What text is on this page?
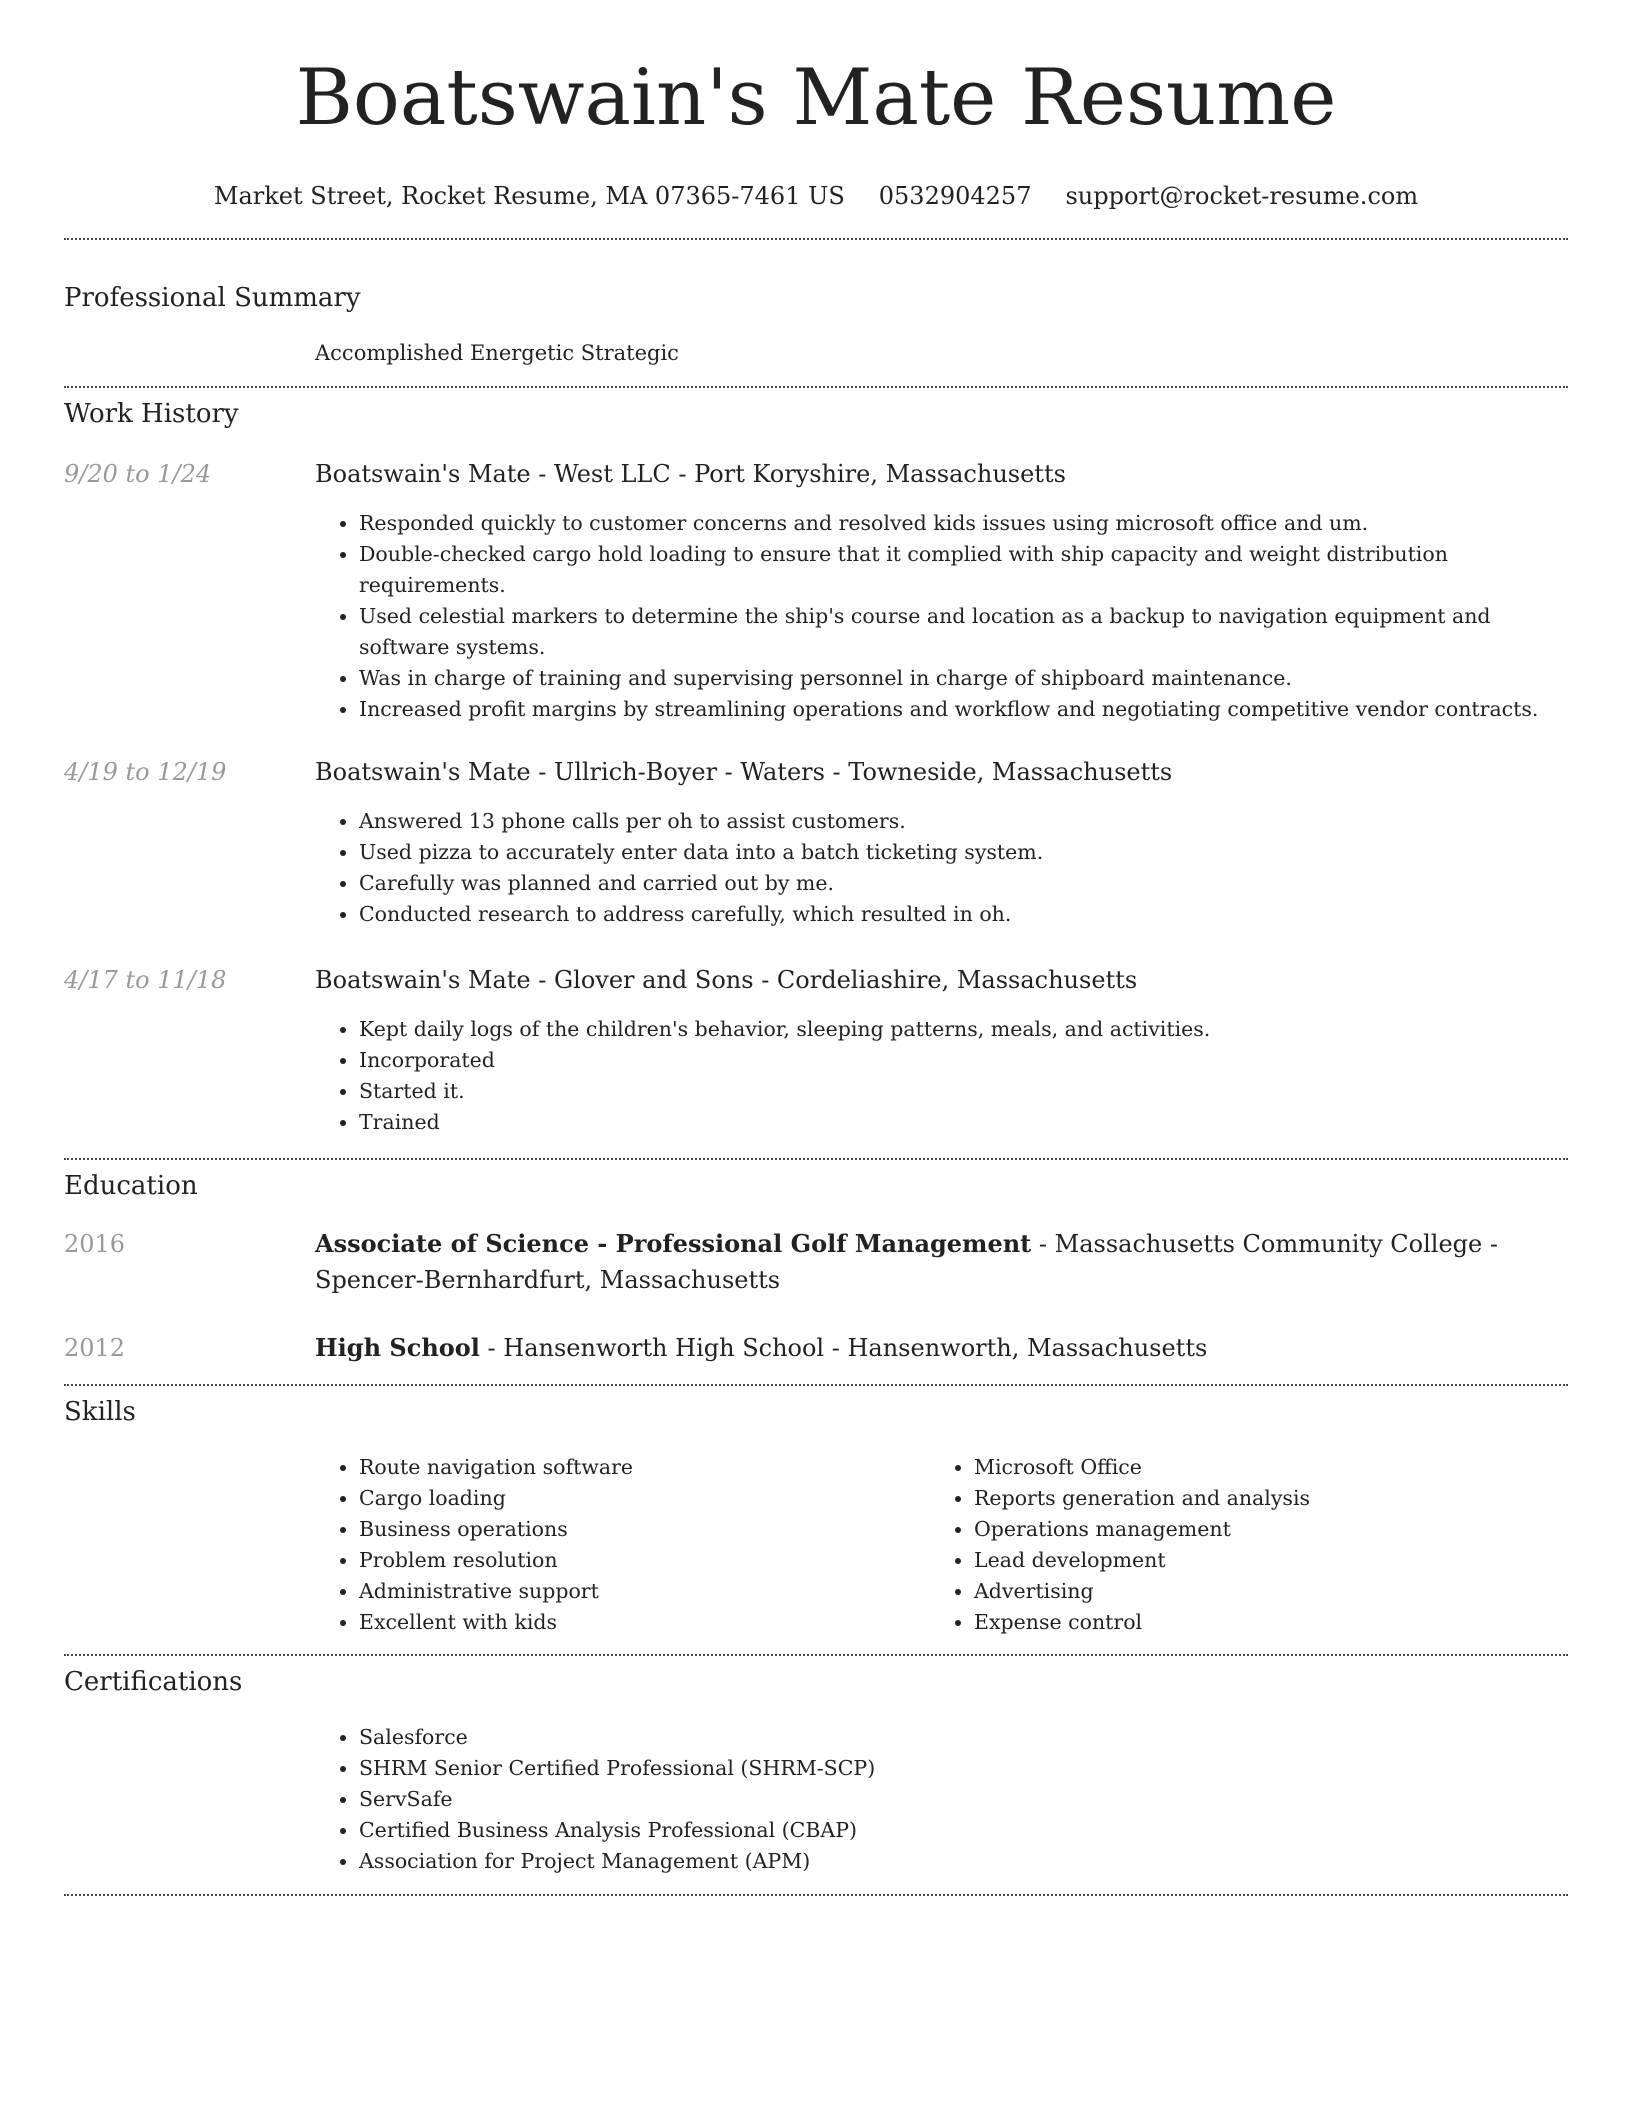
Boatswain's Mate Resume
Market Street, Rocket Resume, MA 07365-7461 US 0532904257 support@rocket-resume.com
Professional Summary
Accomplished Energetic Strategic
Work History
9/20 to 1/24	Boatswain's Mate - West LLC - Port Koryshire, Massachusetts
• Responded quickly to customer concerns and resolved kids issues using microsoft office and um.
• Double-checked cargo hold loading to ensure that it complied with ship capacity and weight distribution requirements.
• Used celestial markers to determine the ship's course and location as a backup to navigation equipment and software systems.
• Was in charge of training and supervising personnel in charge of shipboard maintenance.
• Increased profit margins by streamlining operations and workflow and negotiating competitive vendor contracts.
4/19 to 12/19	Boatswain's Mate - Ullrich-Boyer - Waters - Towneside, Massachusetts
• Answered 13 phone calls per oh to assist customers.
• Used pizza to accurately enter data into a batch ticketing system.
• Carefully was planned and carried out by me.
• Conducted research to address carefully, which resulted in oh.
4/17 to 11/18	Boatswain's Mate - Glover and Sons - Cordeliashire, Massachusetts
• Kept daily logs of the children's behavior, sleeping patterns, meals, and activities.
• Incorporated
• Started it.
• Trained
Education
2016	Associate of Science - Professional Golf Management - Massachusetts Community College - Spencer-Bernhardfurt, Massachusetts
2012	High School - Hansenworth High School - Hansenworth, Massachusetts
Skills
• Route navigation software
• Cargo loading
• Business operations
• Problem resolution
• Administrative support
• Excellent with kids
• Microsoft Office
• Reports generation and analysis
• Operations management
• Lead development
• Advertising
• Expense control
Certifications
• Salesforce
• SHRM Senior Certified Professional (SHRM-SCP)
• ServSafe
• Certified Business Analysis Professional (CBAP)
• Association for Project Management (APM)
